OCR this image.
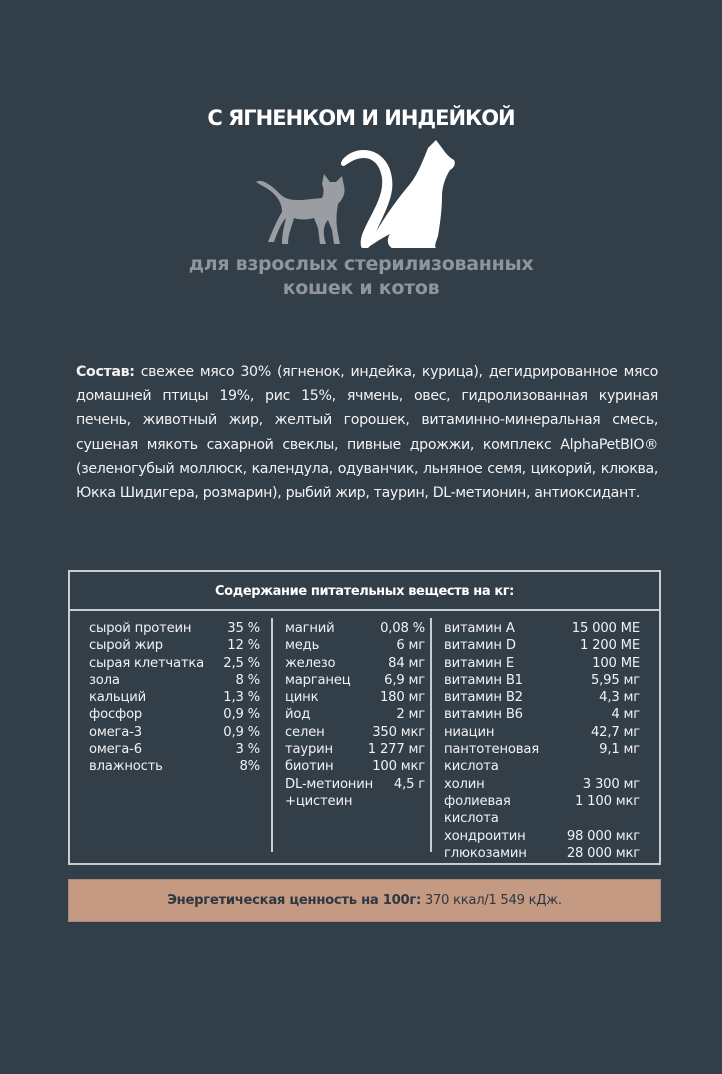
С ЯГНЕНКОМ И ИНДЕЙКОЙ
для взрослых стерилизованных
кошек и котов
Состав: свежее мясо 30% (ягненок, индейка, курица), дегидрированное мясо домашней птицы 19%, рис 15%, ячмень, овес, гидролизованная куриная печень, животный жир, желтый горошек, витаминно-минеральная смесь, сушеная мякоть сахарной свеклы, пивные дрожжи, комплекс AlphaPetBIO® (зеленогубый моллюск, календула, одуванчик, льняное семя, цикорий, клюква, Юкка Шидигера, розмарин), рыбий жир, таурин, DL-метионин, антиоксидант.
Содержание питательных веществ на кг:
сырой протеин	35 %
сырой жир	12 %
сырая клетчатка 2,5 %
зола	8 %
кальций	1,3 %
фосфор	0,9 %
омега-3	0,9 %
омега-6	3 %
влажность	8%
магний	0,08 %
медь	6 мг
железо	84 мг
марганец	6,9 мг
цинк	180 мг
йод	2 мг
селен	350 мкг
таурин	1 277 мг
биотин	100 мкг
DL-метионин 4,5 г
+цистеин
витамин A	15 000 МЕ
витамин D	1 200 МЕ
витамин E	100 МЕ
витамин B1	5,95 мг
витамин B2	4,3 мг
витамин B6	4 мг
ниацин	42,7 мг
пантотеновая	9,1 мг
кислота
холин	3 300 мг
фолиевая	1 100 мкг
кислота
хондроитин	98 000 мкг
глюкозамин	28 000 мкг
Энергетическая ценность на 100г: 370 ккал/1 549 кДж.
